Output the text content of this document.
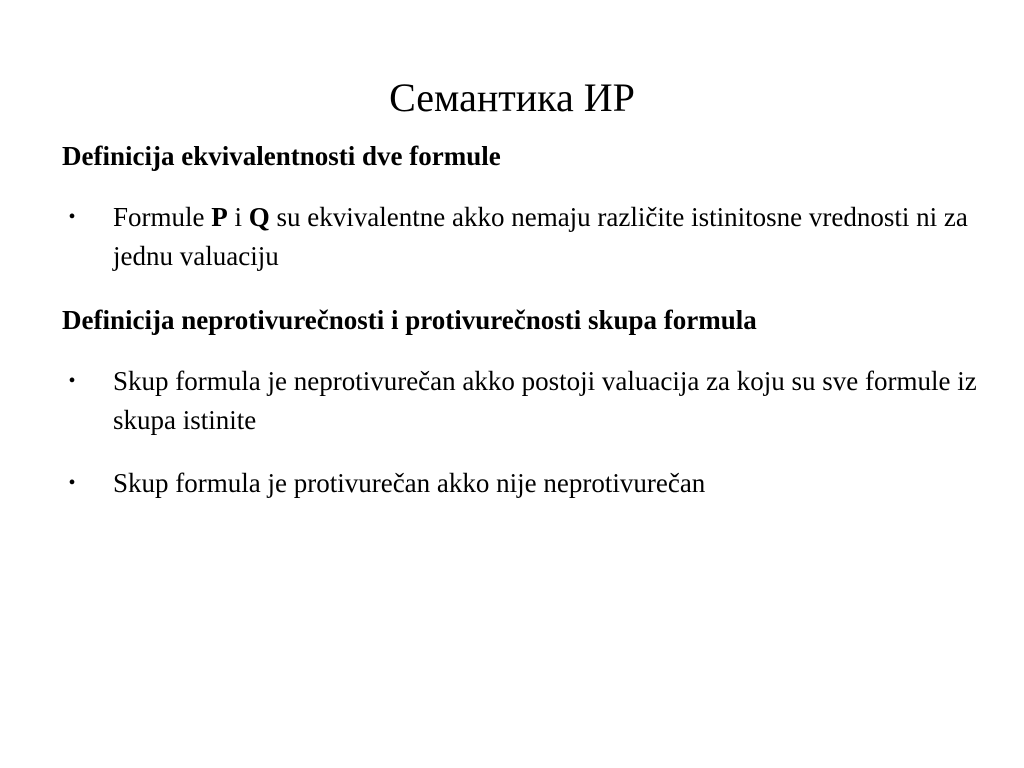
Семантика ИР
Definicija ekvivalentnosti dve formule
• Formule P i Q su ekvivalentne akko nemaju različite istinitosne vrednosti ni za jednu valuaciju
Definicija neprotivurečnosti i protivurečnosti skupa formula
• Skup formula je neprotivurečan akko postoji valuacija za koju su sve formule iz skupa istinite
• Skup formula je protivurečan akko nije neprotivurečan
